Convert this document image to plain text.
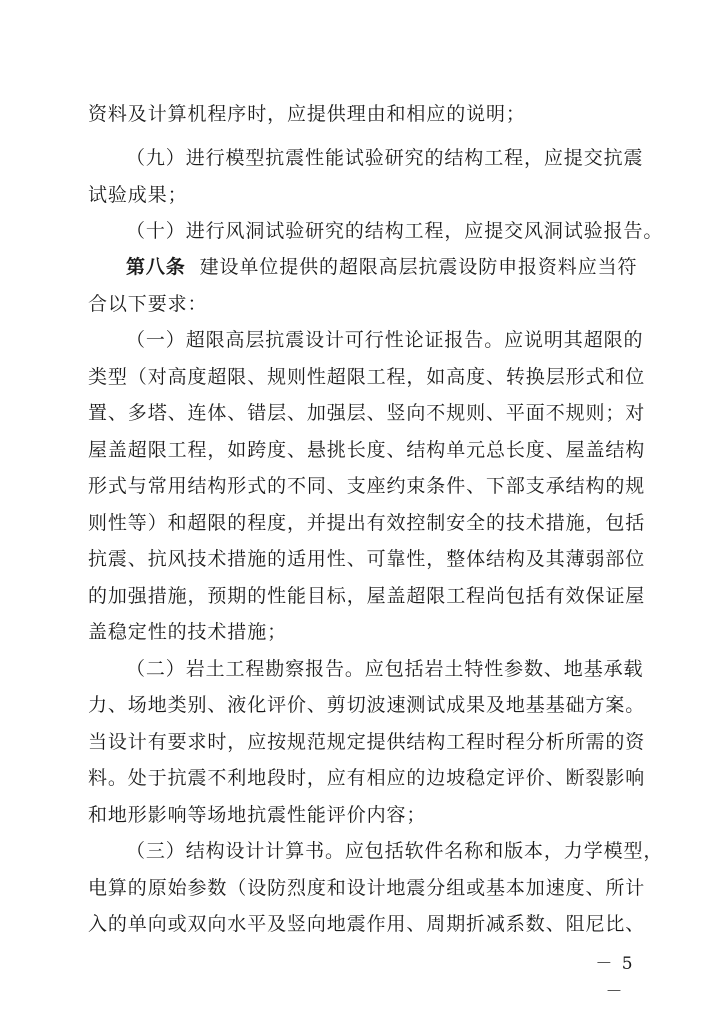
资料及计算机程序时，应提供理由和相应的说明；
（九）进行模型抗震性能试验研究的结构工程，应提交抗震
试验成果；
（十）进行风洞试验研究的结构工程，应提交风洞试验报告。
第八条 建设单位提供的超限高层抗震设防申报资料应当符
合以下要求：
（一）超限高层抗震设计可行性论证报告。应说明其超限的
类型（对高度超限、规则性超限工程，如高度、转换层形式和位
置、多塔、连体、错层、加强层、竖向不规则、平面不规则；对
屋盖超限工程，如跨度、悬挑长度、结构单元总长度、屋盖结构
形式与常用结构形式的不同、支座约束条件、下部支承结构的规
则性等）和超限的程度，并提出有效控制安全的技术措施，包括
抗震、抗风技术措施的适用性、可靠性，整体结构及其薄弱部位
的加强措施，预期的性能目标，屋盖超限工程尚包括有效保证屋
盖稳定性的技术措施；
（二）岩土工程勘察报告。应包括岩土特性参数、地基承载
力、场地类别、液化评价、剪切波速测试成果及地基基础方案。
当设计有要求时，应按规范规定提供结构工程时程分析所需的资
料。处于抗震不利地段时，应有相应的边坡稳定评价、断裂影响
和地形影响等场地抗震性能评价内容；
（三）结构设计计算书。应包括软件名称和版本，力学模型，
电算的原始参数（设防烈度和设计地震分组或基本加速度、所计
入的单向或双向水平及竖向地震作用、周期折减系数、阻尼比、
－ 5 －
